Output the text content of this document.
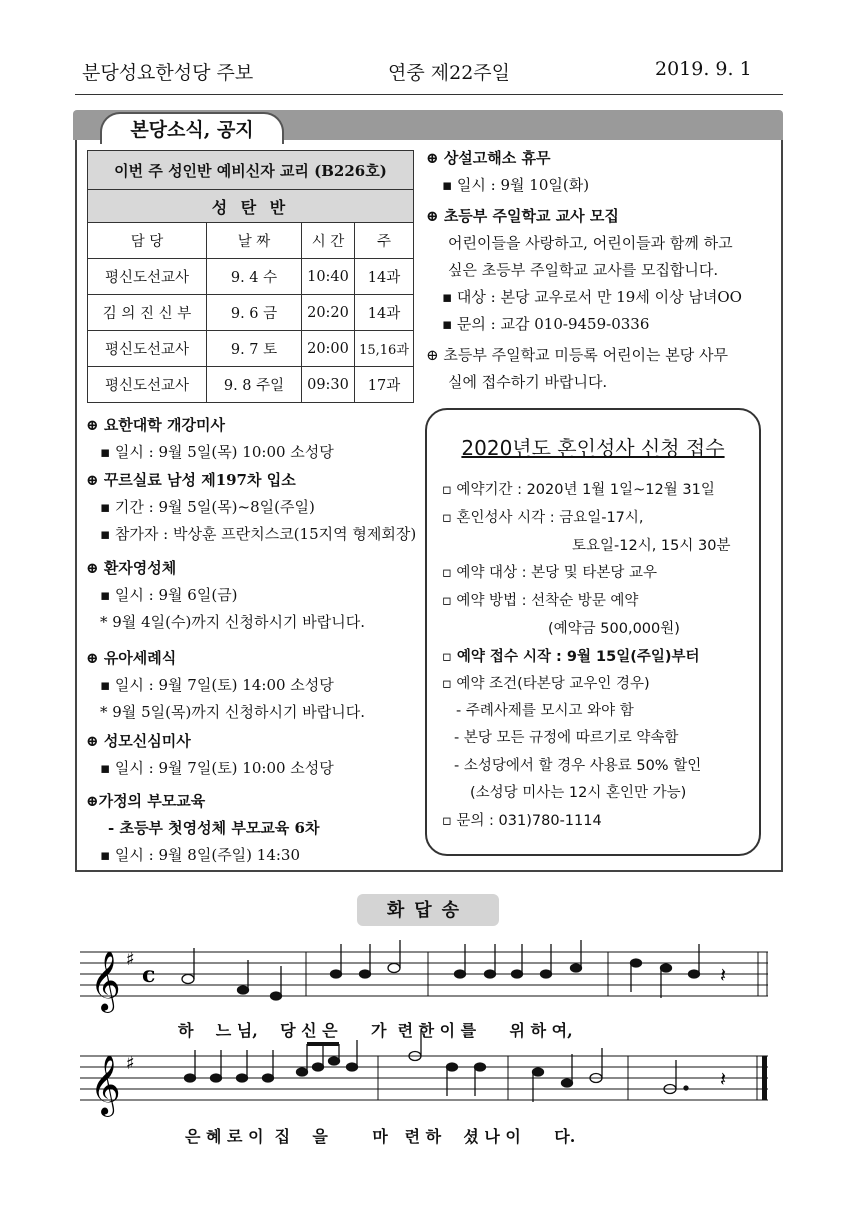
분당성요한성당 주보	연중 제22주일	2019. 9. 1
본당소식, 공지
이번 주 성인반 예비신자 교리 (B226호)			
성 탄 반			
담 당	날 짜	시 간	주
평신도선교사	9. 4 수	10:40	14과
김 의 진 신 부	9. 6 금	20:20	14과
평신도선교사	9. 7 토	20:00	15,16과
평신도선교사	9. 8 주일	09:30	17과
⊕ 요한대학 개강미사
▪ 일시 : 9월 5일(목) 10:00 소성당
⊕ 꾸르실료 남성 제197차 입소
▪ 기간 : 9월 5일(목)~8일(주일)
▪ 참가자 : 박상훈 프란치스코(15지역 형제회장)
⊕ 환자영성체
▪ 일시 : 9월 6일(금)
* 9월 4일(수)까지 신청하시기 바랍니다.
⊕ 유아세례식
▪ 일시 : 9월 7일(토) 14:00 소성당
* 9월 5일(목)까지 신청하시기 바랍니다.
⊕ 성모신심미사
▪ 일시 : 9월 7일(토) 10:00 소성당
⊕가정의 부모교육
- 초등부 첫영성체 부모교육 6차
▪ 일시 : 9월 8일(주일) 14:30
⊕ 상설고해소 휴무
▪ 일시 : 9월 10일(화)
⊕ 초등부 주일학교 교사 모집
어린이들을 사랑하고, 어린이들과 함께 하고
싶은 초등부 주일학교 교사를 모집합니다.
▪ 대상 : 본당 교우로서 만 19세 이상 남녀OO
▪ 문의 : 교감 010-9459-0336
⊕ 초등부 주일학교 미등록 어린이는 본당 사무
실에 접수하기 바랍니다.
2020년도 혼인성사 신청 접수
▫ 예약기간 : 2020년 1월 1일~12월 31일
▫ 혼인성사 시각 : 금요일-17시,
토요일-12시, 15시 30분
▫ 예약 대상 : 본당 및 타본당 교우
▫ 예약 방법 : 선착순 방문 예약
(예약금 500,000원)
▫ 예약 접수 시작 : 9월 15일(주일)부터
▫ 예약 조건(타본당 교우인 경우)
- 주례사제를 모시고 와야 함
- 본당 모든 규정에 따르기로 약속함
- 소성당에서 할 경우 사용료 50% 할인
(소성당 미사는 12시 혼인만 가능)
▫ 문의 : 031)780-1114
화답송
𝄞 ♯
c	𝄽
하    느 님,    당 신 은      가  련 한 이 를      위 하 여,
𝄞 ♯
𝄽
은 혜 로 이  집    을        마   련 하    셨 나 이      다.
